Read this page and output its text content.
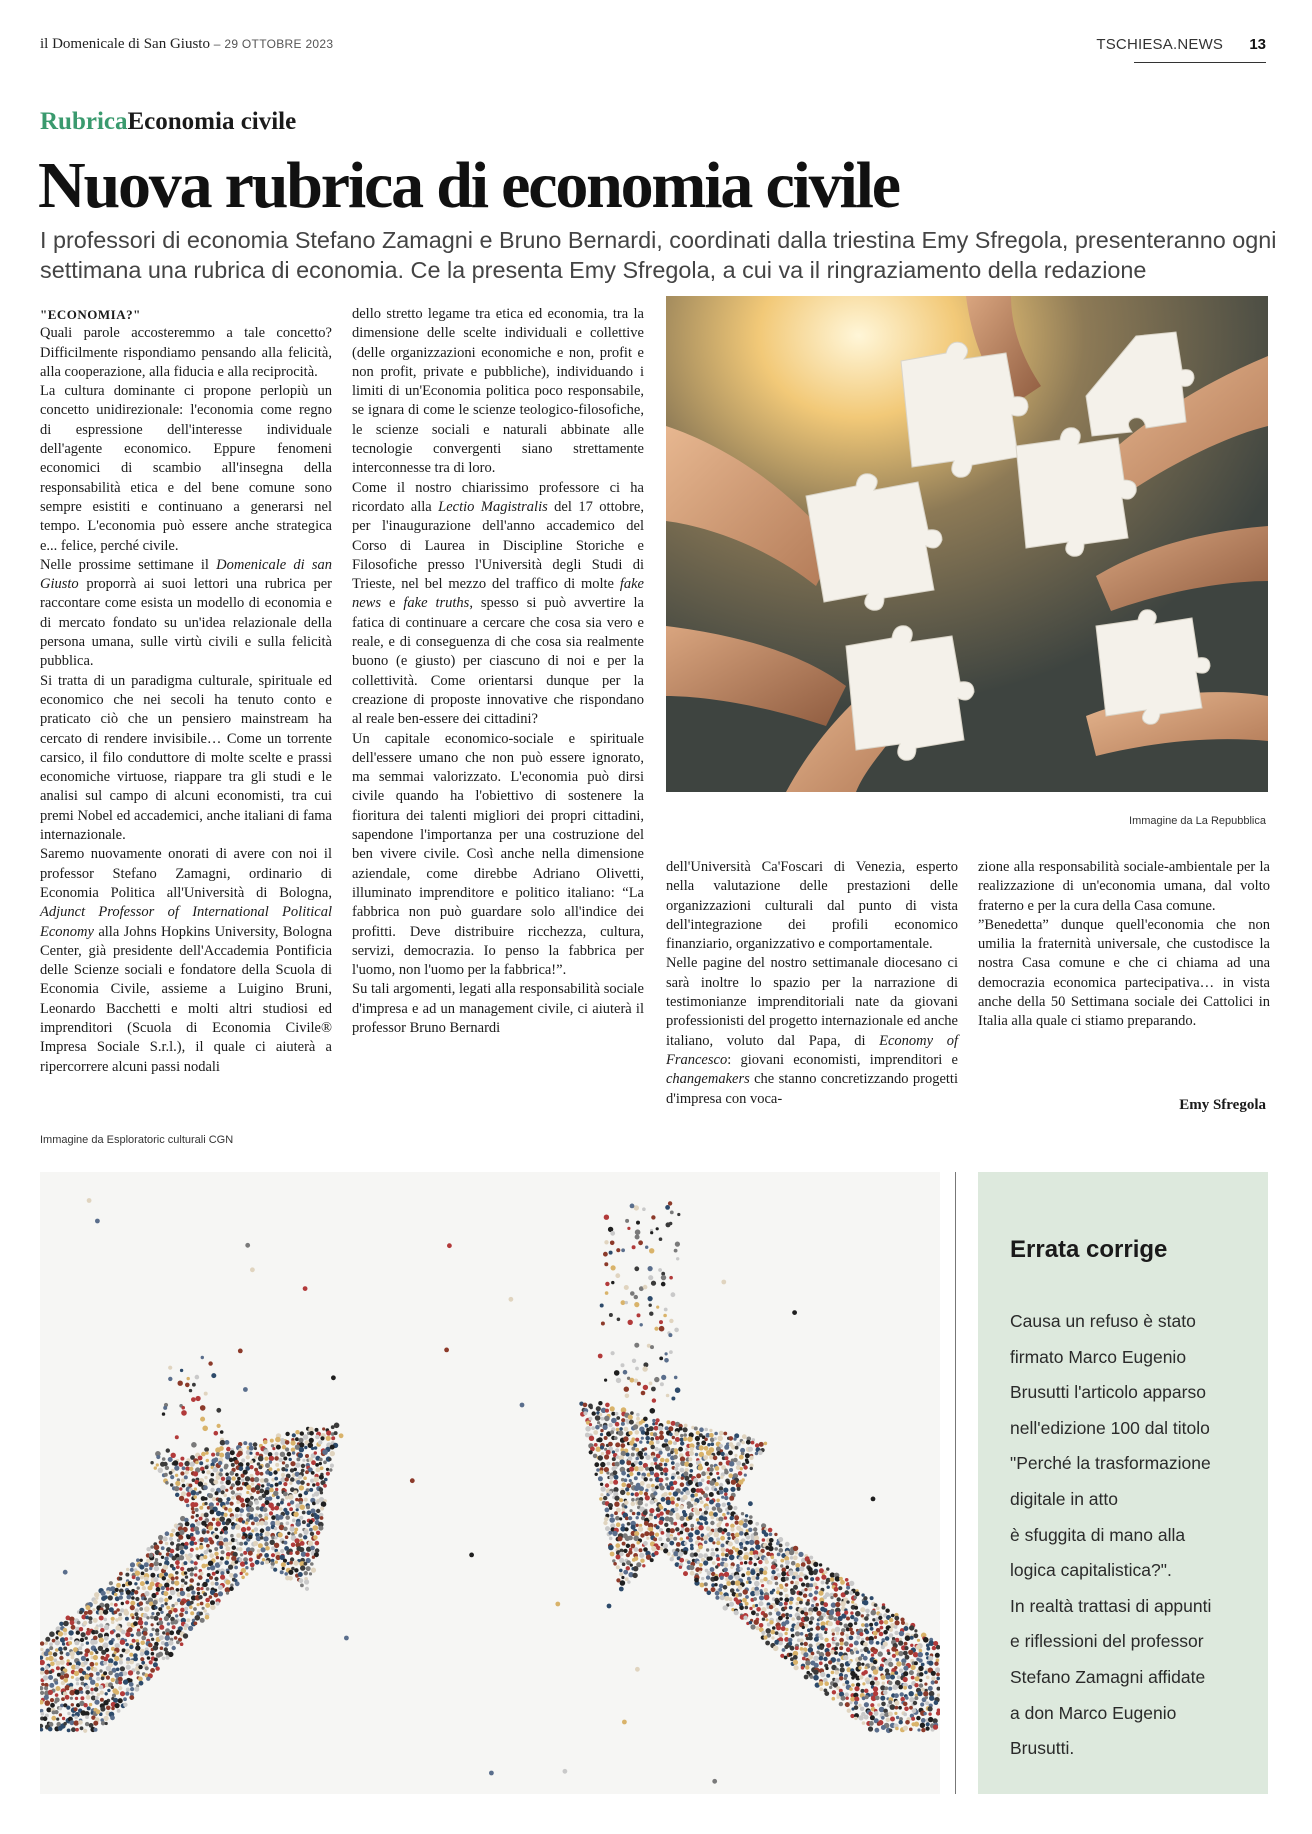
il Domenicale di San Giusto – 29 OTTOBRE 2023	TSCHIESA.NEWS 13
RubricaEconomia civile
Nuova rubrica di economia civile

I professori di economia Stefano Zamagni e Bruno Bernardi, coordinati dalla triestina Emy Sfregola, presenteranno ogni settimana una rubrica di economia. Ce la presenta Emy Sfregola, a cui va il ringraziamento della redazione

"ECONOMIA?"

Quali parole accosteremmo a tale concetto? Difficilmente rispondiamo pensando alla felicità, alla cooperazione, alla fiducia e alla reciprocità.

La cultura dominante ci propone perlopiù un concetto unidirezionale: l'economia come regno di espressione dell'interesse individuale dell'agente economico. Eppure fenomeni economici di scambio all'insegna della responsabilità etica e del bene comune sono sempre esistiti e continuano a generarsi nel tempo. L'economia può essere anche strategica e... felice, perché civile.

Nelle prossime settimane il Domenicale di san Giusto proporrà ai suoi lettori una rubrica per raccontare come esista un modello di economia e di mercato fondato su un'idea relazionale della persona umana, sulle virtù civili e sulla felicità pubblica.

Si tratta di un paradigma culturale, spirituale ed economico che nei secoli ha tenuto conto e praticato ciò che un pensiero mainstream ha cercato di rendere invisibile… Come un torrente carsico, il filo conduttore di molte scelte e prassi economiche virtuose, riappare tra gli studi e le analisi sul campo di alcuni economisti, tra cui premi Nobel ed accademici, anche italiani di fama internazionale.

Saremo nuovamente onorati di avere con noi il professor Stefano Zamagni, ordinario di Economia Politica all'Università di Bologna, Adjunct Professor of International Political Economy alla Johns Hopkins University, Bologna Center, già presidente dell'Accademia Pontificia delle Scienze sociali e fondatore della Scuola di Economia Civile, assieme a Luigino Bruni, Leonardo Bacchetti e molti altri studiosi ed imprenditori (Scuola di Economia Civile® Impresa Sociale S.r.l.), il quale ci aiuterà a ripercorrere alcuni passi nodali

dello stretto legame tra etica ed economia, tra la dimensione delle scelte individuali e collettive (delle organizzazioni economiche e non, profit e non profit, private e pubbliche), individuando i limiti di un'Economia politica poco responsabile, se ignara di come le scienze teologico-filosofiche, le scienze sociali e naturali abbinate alle tecnologie convergenti siano strettamente interconnesse tra di loro.

Come il nostro chiarissimo professore ci ha ricordato alla Lectio Magistralis del 17 ottobre, per l'inaugurazione dell'anno accademico del Corso di Laurea in Discipline Storiche e Filosofiche presso l'Università degli Studi di Trieste, nel bel mezzo del traffico di molte fake news e fake truths, spesso si può avvertire la fatica di continuare a cercare che cosa sia vero e reale, e di conseguenza di che cosa sia realmente buono (e giusto) per ciascuno di noi e per la collettività. Come orientarsi dunque per la creazione di proposte innovative che rispondano al reale ben-essere dei cittadini?

Un capitale economico-sociale e spirituale dell'essere umano che non può essere ignorato, ma semmai valorizzato. L'economia può dirsi civile quando ha l'obiettivo di sostenere la fioritura dei talenti migliori dei propri cittadini, sapendone l'importanza per una costruzione del ben vivere civile. Così anche nella dimensione aziendale, come direbbe Adriano Olivetti, illuminato imprenditore e politico italiano: “La fabbrica non può guardare solo all'indice dei profitti. Deve distribuire ricchezza, cultura, servizi, democrazia. Io penso la fabbrica per l'uomo, non l'uomo per la fabbrica!”.

Su tali argomenti, legati alla responsabilità sociale d'impresa e ad un management civile, ci aiuterà il professor Bruno Bernardi

Immagine da La Repubblica

dell'Università Ca'Foscari di Venezia, esperto nella valutazione delle prestazioni delle organizzazioni culturali dal punto di vista dell'integrazione dei profili economico finanziario, organizzativo e comportamentale.

Nelle pagine del nostro settimanale diocesano ci sarà inoltre lo spazio per la narrazione di testimonianze imprenditoriali nate da giovani professionisti del progetto internazionale ed anche italiano, voluto dal Papa, di Economy of Francesco: giovani economisti, imprenditori e changemakers che stanno concretizzando progetti d'impresa con voca-

zione alla responsabilità sociale-ambientale per la realizzazione di un'economia umana, dal volto fraterno e per la cura della Casa comune.

”Benedetta” dunque quell'economia che non umilia la fraternità universale, che custodisce la nostra Casa comune e che ci chiama ad una democrazia economica partecipativa… in vista anche della 50 Settimana sociale dei Cattolici in Italia alla quale ci stiamo preparando.

Emy Sfregola
Immagine da Esploratoric culturali CGN
Errata corrige
Causa un refuso è stato
firmato Marco Eugenio
Brusutti l'articolo apparso
nell'edizione 100 dal titolo
"Perché la trasformazione
digitale in atto
è sfuggita di mano alla
logica capitalistica?".
In realtà trattasi di appunti
e riflessioni del professor
Stefano Zamagni affidate
a don Marco Eugenio
Brusutti.
